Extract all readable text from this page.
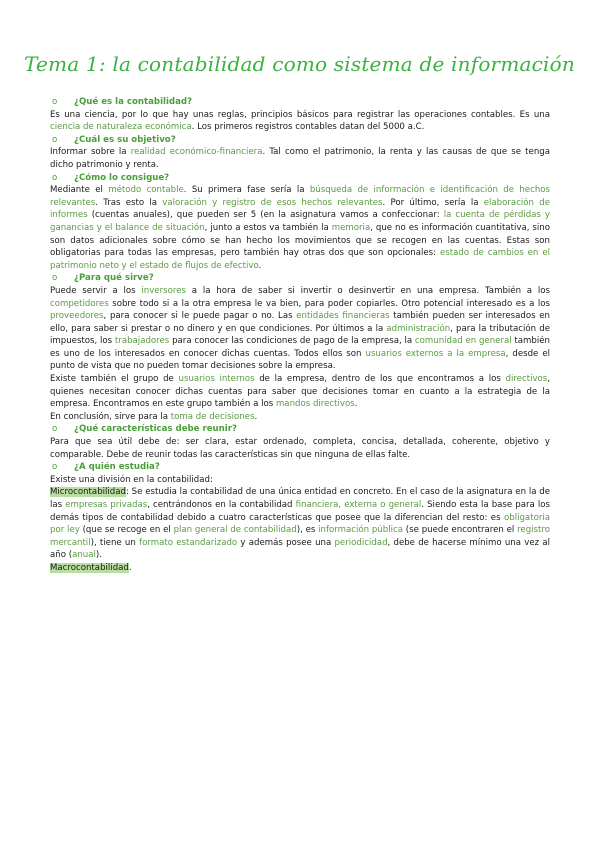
Tema 1: la contabilidad como sistema de información
o ¿Qué es la contabilidad?

Es una ciencia, por lo que hay unas reglas, principios básicos para registrar las operaciones contables. Es una ciencia de naturaleza económica. Los primeros registros contables datan del 5000 a.C.

o ¿Cuál es su objetivo?

Informar sobre la realidad económico-financiera. Tal como el patrimonio, la renta y las causas de que se tenga dicho patrimonio y renta.

o ¿Cómo lo consigue?

Mediante el método contable. Su primera fase sería la búsqueda de información e identificación de hechos relevantes. Tras esto la valoración y registro de esos hechos relevantes. Por último, sería la elaboración de informes (cuentas anuales), que pueden ser 5 (en la asignatura vamos a confeccionar: la cuenta de pérdidas y ganancias y el balance de situación, junto a estos va también la memoria, que no es información cuantitativa, sino son datos adicionales sobre cómo se han hecho los movimientos que se recogen en las cuentas. Estas son obligatorias para todas las empresas, pero también hay otras dos que son opcionales: estado de cambios en el patrimonio neto y el estado de flujos de efectivo.

o ¿Para qué sirve?

Puede servir a los inversores a la hora de saber si invertir o desinvertir en una empresa. También a los competidores sobre todo si a la otra empresa le va bien, para poder copiarles. Otro potencial interesado es a los proveedores, para conocer si le puede pagar o no. Las entidades financieras también pueden ser interesados en ello, para saber si prestar o no dinero y en que condiciones. Por últimos a la administración, para la tributación de impuestos, los trabajadores para conocer las condiciones de pago de la empresa, la comunidad en general también es uno de los interesados en conocer dichas cuentas. Todos ellos son usuarios externos a la empresa, desde el punto de vista que no pueden tomar decisiones sobre la empresa.

Existe también el grupo de usuarios internos de la empresa, dentro de los que encontramos a los directivos, quienes necesitan conocer dichas cuentas para saber que decisiones tomar en cuanto a la estrategia de la empresa. Encontramos en este grupo también a los mandos directivos.

En conclusión, sirve para la toma de decisiones.

o ¿Qué características debe reunir?

Para que sea útil debe de: ser clara, estar ordenado, completa, concisa, detallada, coherente, objetivo y comparable. Debe de reunir todas las características sin que ninguna de ellas falte.

o ¿A quién estudia?

Existe una división en la contabilidad:

Microcontabilidad: Se estudia la contabilidad de una única entidad en concreto. En el caso de la asignatura en la de las empresas privadas, centrándonos en la contabilidad financiera, externa o general. Siendo esta la base para los demás tipos de contabilidad debido a cuatro características que posee que la diferencian del resto: es obligatoria por ley (que se recoge en el plan general de contabilidad), es información pública (se puede encontraren el registro mercantil), tiene un formato estandarizado y además posee una periodicidad, debe de hacerse mínimo una vez al año (anual).

Macrocontabilidad.
